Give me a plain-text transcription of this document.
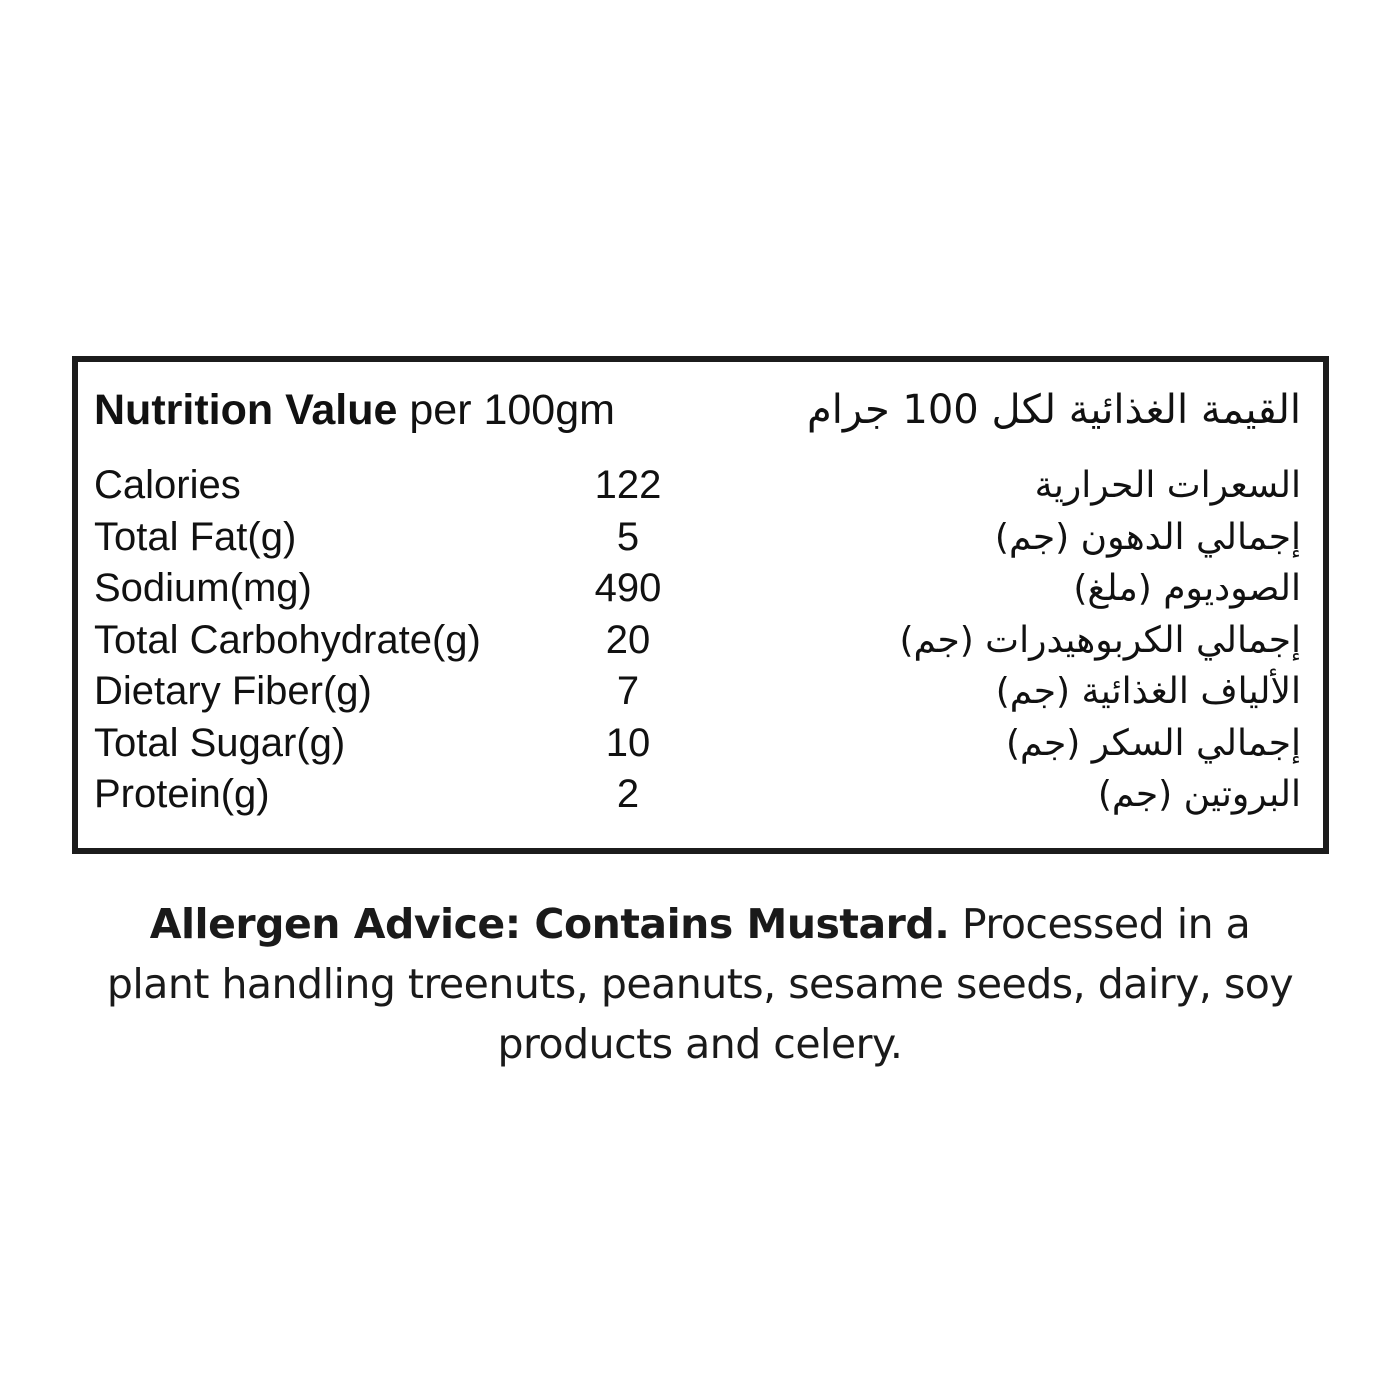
Nutrition Value per 100gm	القيمة الغذائية لكل 100 جرام
Calories	122	السعرات الحرارية
Total Fat(g)	5	إجمالي الدهون (جم)
Sodium(mg)	490	الصوديوم (ملغ)
Total Carbohydrate(g)	20	إجمالي الكربوهيدرات (جم)
Dietary Fiber(g)	7	الألياف الغذائية (جم)
Total Sugar(g)	10	إجمالي السكر (جم)
Protein(g)	2	البروتين (جم)
Allergen Advice: Contains Mustard. Processed in a plant handling treenuts, peanuts, sesame seeds, dairy, soy products and celery.
